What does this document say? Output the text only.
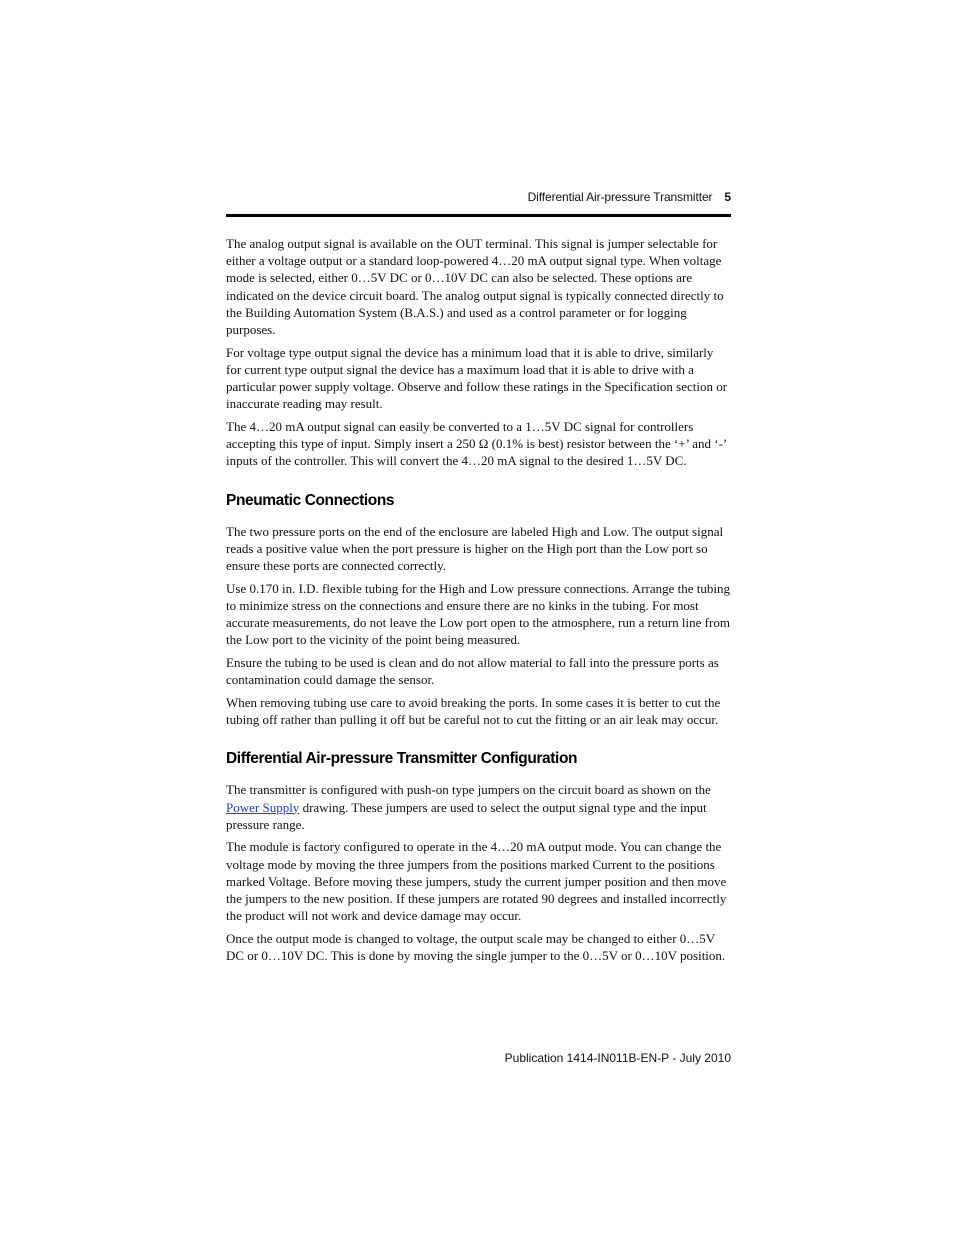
Differential Air-pressure Transmitter 5

The analog output signal is available on the OUT terminal. This signal is jumper selectable for either a voltage output or a standard loop-powered 4…20 mA output signal type. When voltage mode is selected, either 0…5V DC or 0…10V DC can also be selected. These options are indicated on the device circuit board. The analog output signal is typically connected directly to the Building Automation System (B.A.S.) and used as a control parameter or for logging purposes.

For voltage type output signal the device has a minimum load that it is able to drive, similarly for current type output signal the device has a maximum load that it is able to drive with a particular power supply voltage. Observe and follow these ratings in the Specification section or inaccurate reading may result.

The 4…20 mA output signal can easily be converted to a 1…5V DC signal for controllers accepting this type of input. Simply insert a 250 Ω (0.1% is best) resistor between the ‘+’ and ‘-’ inputs of the controller. This will convert the 4…20 mA signal to the desired 1…5V DC.

Pneumatic Connections

The two pressure ports on the end of the enclosure are labeled High and Low. The output signal reads a positive value when the port pressure is higher on the High port than the Low port so ensure these ports are connected correctly.

Use 0.170 in. I.D. flexible tubing for the High and Low pressure connections. Arrange the tubing to minimize stress on the connections and ensure there are no kinks in the tubing. For most accurate measurements, do not leave the Low port open to the atmosphere, run a return line from the Low port to the vicinity of the point being measured.

Ensure the tubing to be used is clean and do not allow material to fall into the pressure ports as contamination could damage the sensor.

When removing tubing use care to avoid breaking the ports. In some cases it is better to cut the tubing off rather than pulling it off but be careful not to cut the fitting or an air leak may occur.

Differential Air-pressure Transmitter Configuration

The transmitter is configured with push-on type jumpers on the circuit board as shown on the Power Supply drawing. These jumpers are used to select the output signal type and the input pressure range.

The module is factory configured to operate in the 4…20 mA output mode. You can change the voltage mode by moving the three jumpers from the positions marked Current to the positions marked Voltage. Before moving these jumpers, study the current jumper position and then move the jumpers to the new position. If these jumpers are rotated 90 degrees and installed incorrectly the product will not work and device damage may occur.

Once the output mode is changed to voltage, the output scale may be changed to either 0…5V DC or 0…10V DC. This is done by moving the single jumper to the 0…5V or 0…10V position.

Publication 1414-IN011B-EN-P - July 2010
